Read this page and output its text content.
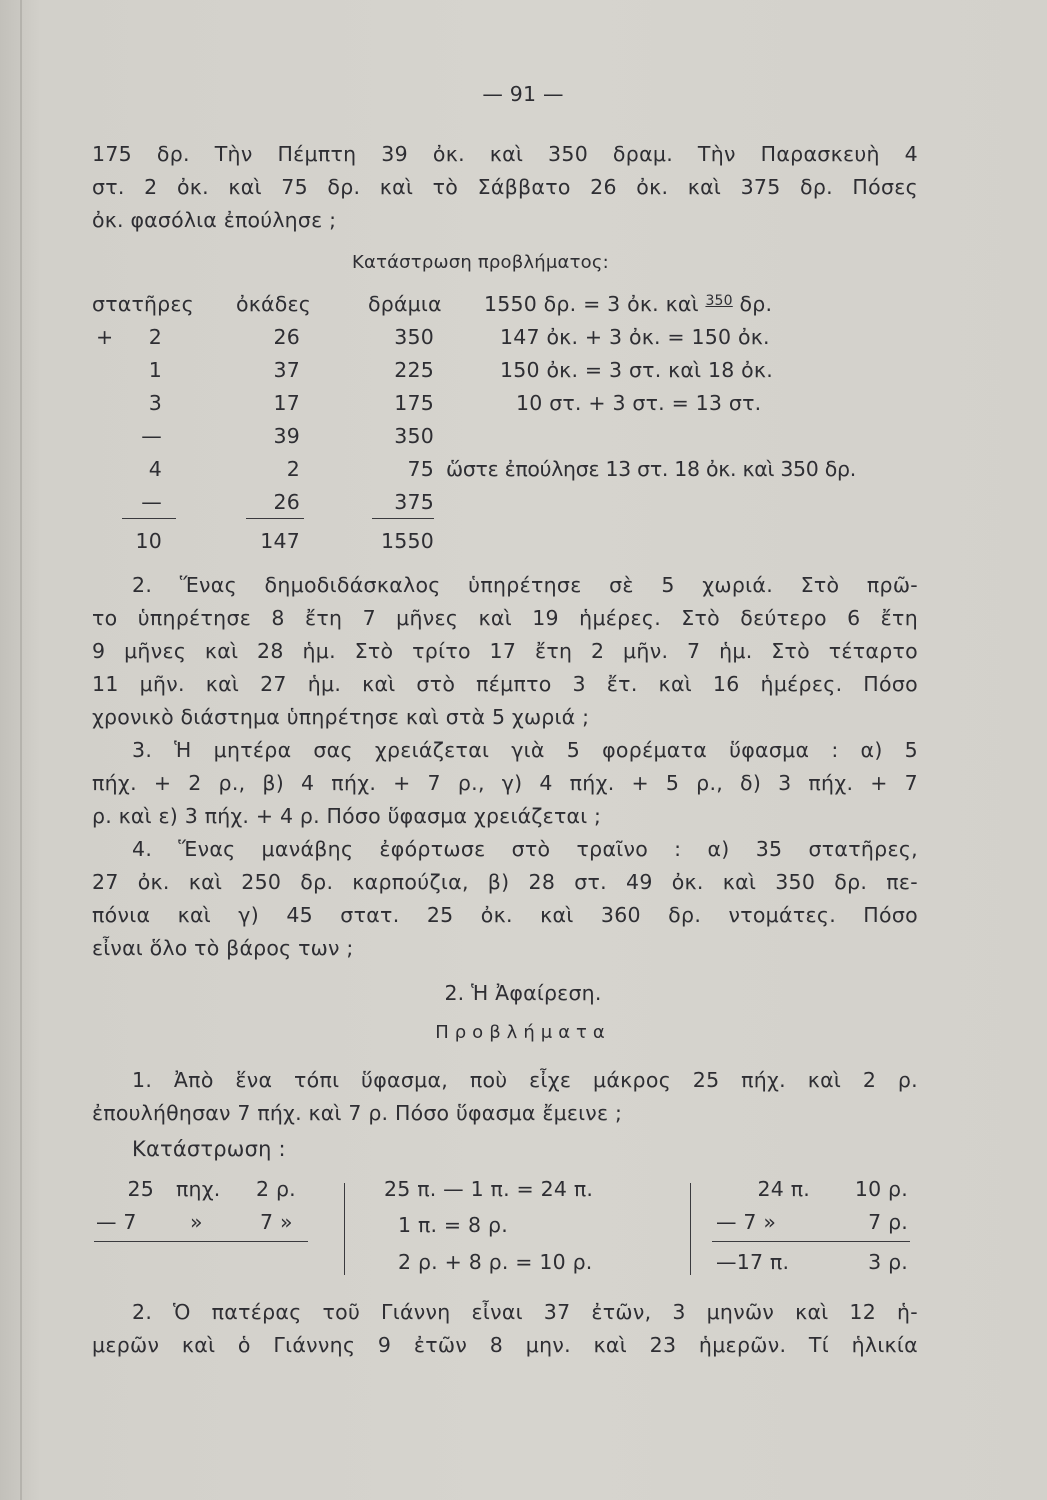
— 91 —
175 δρ. Τὴν Πέμπτη 39 ὀκ. καὶ 350 δραμ. Τὴν Παρασκευὴ 4
στ. 2 ὀκ. καὶ 75 δρ. καὶ τὸ Σάββατο 26 ὀκ. καὶ 375 δρ. Πόσες
ὀκ. φασόλια ἐπούλησε ;
Κατάστρωση προβλήματος:
στατῆρες ὀκάδες	δράμια
+	2	26	350
1	37	225
3	17	175
—	39	350
4	2	75
—	26	375
10	147	1550
1550 δρ. = 3 ὀκ. καὶ $^{350}$ δρ.
147 ὀκ. + 3 ὀκ. = 150 ὀκ.
150 ὀκ. = 3 στ. καὶ 18 ὀκ.
10 στ. + 3 στ. = 13 στ.
ὥστε ἐπούλησε 13 στ. 18 ὀκ. καὶ 350 δρ.
2. Ἕνας δημοδιδάσκαλος ὑπηρέτησε σὲ 5 χωριά. Στὸ πρῶ-
το ὑπηρέτησε 8 ἔτη 7 μῆνες καὶ 19 ἡμέρες. Στὸ δεύτερο 6 ἔτη
9 μῆνες καὶ 28 ἡμ. Στὸ τρίτο 17 ἔτη 2 μῆν. 7 ἡμ. Στὸ τέταρτο
11 μῆν. καὶ 27 ἡμ. καὶ στὸ πέμπτο 3 ἔτ. καὶ 16 ἡμέρες. Πόσο
χρονικὸ διάστημα ὑπηρέτησε καὶ στὰ 5 χωριά ;
3. Ἡ μητέρα σας χρειάζεται γιὰ 5 φορέματα ὕφασμα : α) 5
πήχ. + 2 ρ., β) 4 πήχ. + 7 ρ., γ) 4 πήχ. + 5 ρ., δ) 3 πήχ. + 7
ρ. καὶ ε) 3 πήχ. + 4 ρ. Πόσο ὕφασμα χρειάζεται ;
4. Ἕνας μανάβης ἐφόρτωσε στὸ τραῖνο : α) 35 στατῆρες,
27 ὀκ. καὶ 250 δρ. καρπούζια, β) 28 στ. 49 ὀκ. καὶ 350 δρ. πε-
πόνια καὶ γ) 45 στατ. 25 ὀκ. καὶ 360 δρ. ντομάτες. Πόσο
εἶναι ὅλο τὸ βάρος των ;
2. Ἡ Ἀφαίρεση.
Προβλήματα
1. Ἀπὸ ἕνα τόπι ὕφασμα, ποὺ εἶχε μάκρος 25 πήχ. καὶ 2 ρ.
ἐπουλήθησαν 7 πήχ. καὶ 7 ρ. Πόσο ὕφασμα ἔμεινε ;
Κατάστρωση :
25 πηχ. 2 ρ.
— 7	»	7 »
25 π. — 1 π. = 24 π.
1 π. = 8 ρ.
2 ρ. + 8 ρ. = 10 ρ.
24 π.	10 ρ.
— 7 »	7 ρ.
—17 π.	3 ρ.
2. Ὁ πατέρας τοῦ Γιάννη εἶναι 37 ἐτῶν, 3 μηνῶν καὶ 12 ἡ-
μερῶν καὶ ὁ Γιάννης 9 ἐτῶν 8 μην. καὶ 23 ἡμερῶν. Τί ἡλικία
